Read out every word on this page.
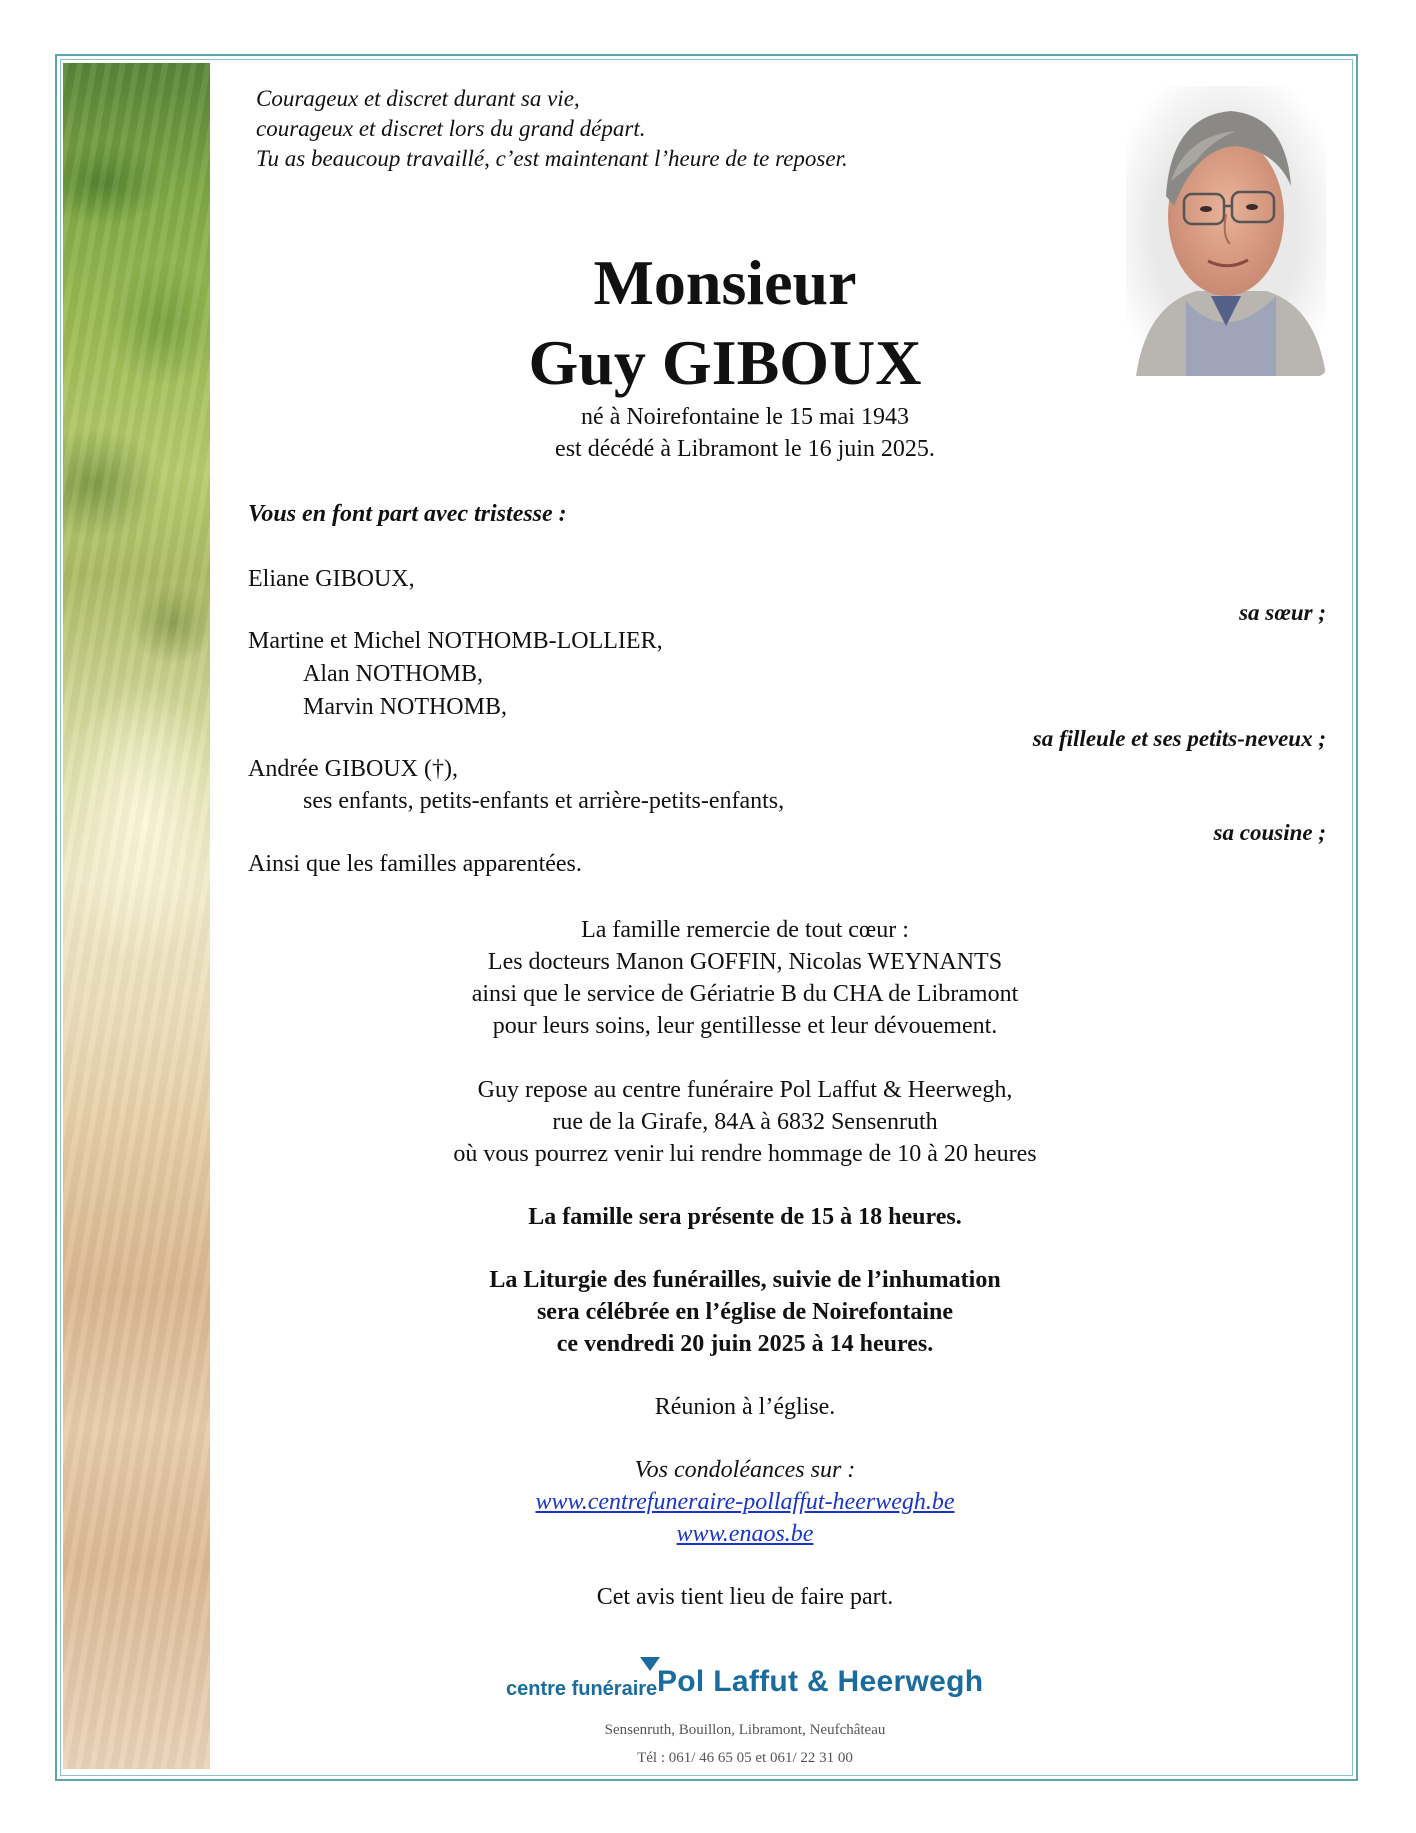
Courageux et discret durant sa vie,
courageux et discret lors du grand départ.
Tu as beaucoup travaillé, c’est maintenant l’heure de te reposer.
Monsieur
Guy GIBOUX
né à Noirefontaine le 15 mai 1943
est décédé à Libramont le 16 juin 2025.
Vous en font part avec tristesse :
Eliane GIBOUX,
sa sœur ;
Martine et Michel NOTHOMB-LOLLIER,
Alan NOTHOMB,
Marvin NOTHOMB,
sa filleule et ses petits-neveux ;
Andrée GIBOUX (†),
ses enfants, petits-enfants et arrière-petits-enfants,
sa cousine ;
Ainsi que les familles apparentées.
La famille remercie de tout cœur :
Les docteurs Manon GOFFIN, Nicolas WEYNANTS
ainsi que le service de Gériatrie B du CHA de Libramont
pour leurs soins, leur gentillesse et leur dévouement.
Guy repose au centre funéraire Pol Laffut & Heerwegh,
rue de la Girafe, 84A à 6832 Sensenruth
où vous pourrez venir lui rendre hommage de 10 à 20 heures
La famille sera présente de 15 à 18 heures.
La Liturgie des funérailles, suivie de l’inhumation
sera célébrée en l’église de Noirefontaine
ce vendredi 20 juin 2025 à 14 heures.
Réunion à l’église.
Vos condoléances sur :
www.centrefuneraire-pollaffut-heerwegh.be
www.enaos.be
Cet avis tient lieu de faire part.
centre funéraire Pol Laffut & Heerwegh
Sensenruth, Bouillon, Libramont, Neufchâteau
Tél : 061/ 46 65 05 et 061/ 22 31 00
